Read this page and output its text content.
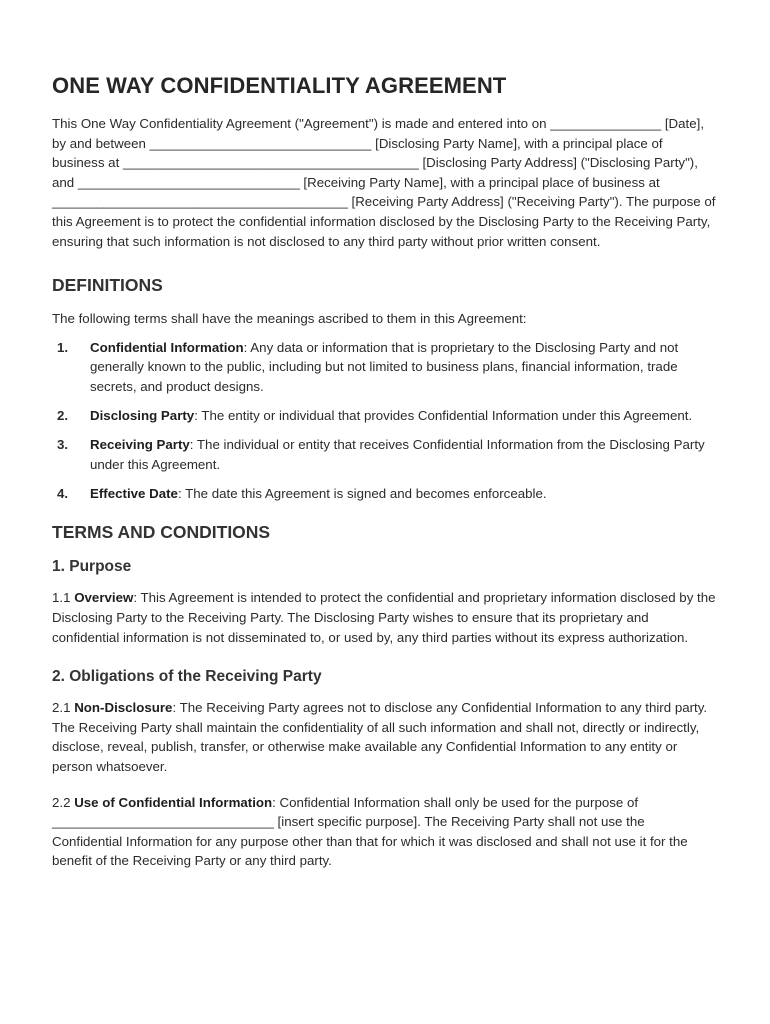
ONE WAY CONFIDENTIALITY AGREEMENT

This One Way Confidentiality Agreement ("Agreement") is made and entered into on _______________ [Date], by and between ______________________________ [Disclosing Party Name], with a principal place of business at ________________________________________ [Disclosing Party Address] ("Disclosing Party"), and ______________________________ [Receiving Party Name], with a principal place of business at ________________________________________ [Receiving Party Address] ("Receiving Party"). The purpose of this Agreement is to protect the confidential information disclosed by the Disclosing Party to the Receiving Party, ensuring that such information is not disclosed to any third party without prior written consent.

DEFINITIONS

The following terms shall have the meanings ascribed to them in this Agreement:

1.	Confidential Information: Any data or information that is proprietary to the Disclosing Party and not generally known to the public, including but not limited to business plans, financial information, trade secrets, and product designs.
2.	Disclosing Party: The entity or individual that provides Confidential Information under this Agreement.
3.	Receiving Party: The individual or entity that receives Confidential Information from the Disclosing Party under this Agreement.
4.	Effective Date: The date this Agreement is signed and becomes enforceable.
TERMS AND CONDITIONS
1. Purpose

1.1 Overview: This Agreement is intended to protect the confidential and proprietary information disclosed by the Disclosing Party to the Receiving Party. The Disclosing Party wishes to ensure that its proprietary and confidential information is not disseminated to, or used by, any third parties without its express authorization.

2. Obligations of the Receiving Party

2.1 Non-Disclosure: The Receiving Party agrees not to disclose any Confidential Information to any third party. The Receiving Party shall maintain the confidentiality of all such information and shall not, directly or indirectly, disclose, reveal, publish, transfer, or otherwise make available any Confidential Information to any entity or person whatsoever.

2.2 Use of Confidential Information: Confidential Information shall only be used for the purpose of ______________________________ [insert specific purpose]. The Receiving Party shall not use the Confidential Information for any purpose other than that for which it was disclosed and shall not use it for the benefit of the Receiving Party or any third party.
